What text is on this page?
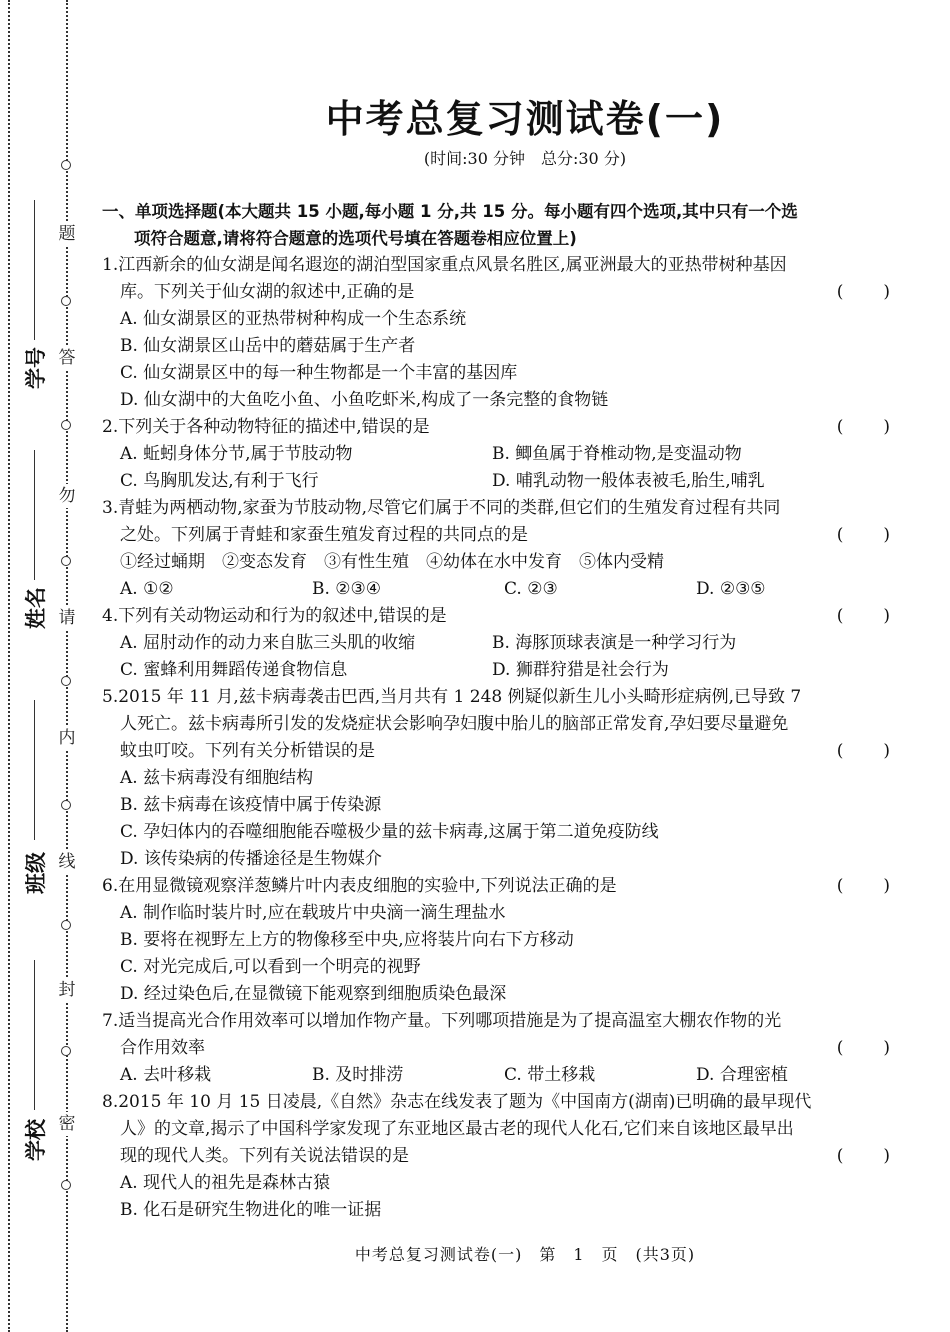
题
答
勿
请
内
线
封
密
学号
姓名
班级
学校
中考总复习测试卷(一)
(时间:30 分钟　总分:30 分)
一、单项选择题(本大题共 15 小题,每小题 1 分,共 15 分。每小题有四个选项,其中只有一个选
项符合题意,请将符合题意的选项代号填在答题卷相应位置上)
1.江西新余的仙女湖是闻名遐迩的湖泊型国家重点风景名胜区,属亚洲最大的亚热带树种基因
库。下列关于仙女湖的叙述中,正确的是	(　　)
A. 仙女湖景区的亚热带树种构成一个生态系统
B. 仙女湖景区山岳中的蘑菇属于生产者
C. 仙女湖景区中的每一种生物都是一个丰富的基因库
D. 仙女湖中的大鱼吃小鱼、小鱼吃虾米,构成了一条完整的食物链
2.下列关于各种动物特征的描述中,错误的是	(　　)
A. 蚯蚓身体分节,属于节肢动物	B. 鲫鱼属于脊椎动物,是变温动物
C. 鸟胸肌发达,有利于飞行	D. 哺乳动物一般体表被毛,胎生,哺乳
3.青蛙为两栖动物,家蚕为节肢动物,尽管它们属于不同的类群,但它们的生殖发育过程有共同
之处。下列属于青蛙和家蚕生殖发育过程的共同点的是	(　　)
①经过蛹期　②变态发育　③有性生殖　④幼体在水中发育　⑤体内受精
A. ①②	B. ②③④	C. ②③	D. ②③⑤
4.下列有关动物运动和行为的叙述中,错误的是	(　　)
A. 屈肘动作的动力来自肱三头肌的收缩	B. 海豚顶球表演是一种学习行为
C. 蜜蜂利用舞蹈传递食物信息	D. 狮群狩猎是社会行为
5.2015 年 11 月,兹卡病毒袭击巴西,当月共有 1 248 例疑似新生儿小头畸形症病例,已导致 7
人死亡。兹卡病毒所引发的发烧症状会影响孕妇腹中胎儿的脑部正常发育,孕妇要尽量避免
蚊虫叮咬。下列有关分析错误的是	(　　)
A. 兹卡病毒没有细胞结构
B. 兹卡病毒在该疫情中属于传染源
C. 孕妇体内的吞噬细胞能吞噬极少量的兹卡病毒,这属于第二道免疫防线
D. 该传染病的传播途径是生物媒介
6.在用显微镜观察洋葱鳞片叶内表皮细胞的实验中,下列说法正确的是	(　　)
A. 制作临时装片时,应在载玻片中央滴一滴生理盐水
B. 要将在视野左上方的物像移至中央,应将装片向右下方移动
C. 对光完成后,可以看到一个明亮的视野
D. 经过染色后,在显微镜下能观察到细胞质染色最深
7.适当提高光合作用效率可以增加作物产量。下列哪项措施是为了提高温室大棚农作物的光
合作用效率	(　　)
A. 去叶移栽	B. 及时排涝	C. 带土移栽	D. 合理密植
8.2015 年 10 月 15 日凌晨,《自然》杂志在线发表了题为《中国南方(湖南)已明确的最早现代
人》的文章,揭示了中国科学家发现了东亚地区最古老的现代人化石,它们来自该地区最早出
现的现代人类。下列有关说法错误的是	(　　)
A. 现代人的祖先是森林古猿
B. 化石是研究生物进化的唯一证据
中考总复习测试卷(一)　第　1　页　(共3页)
